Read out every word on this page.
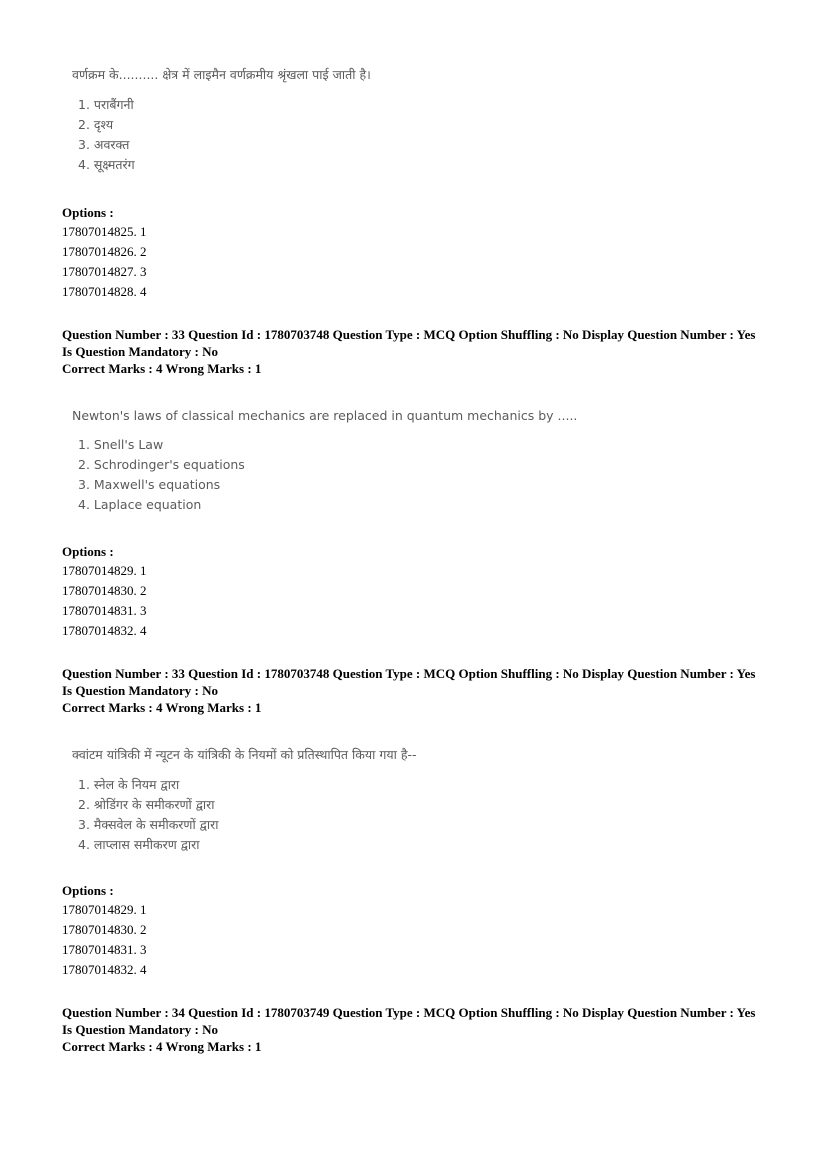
वर्णक्रम के.......... क्षेत्र में लाइमैन वर्णक्रमीय श्रृंखला पाई जाती है।
1. पराबैंगनी
2. दृश्य
3. अवरक्त
4. सूक्ष्मतरंग
Options :
17807014825. 1
17807014826. 2
17807014827. 3
17807014828. 4
Question Number : 33 Question Id : 1780703748 Question Type : MCQ Option Shuffling : No Display Question Number : Yes
Is Question Mandatory : No
Correct Marks : 4 Wrong Marks : 1
Newton's laws of classical mechanics are replaced in quantum mechanics by .....
1. Snell's Law
2. Schrodinger's equations
3. Maxwell's equations
4. Laplace equation
Options :
17807014829. 1
17807014830. 2
17807014831. 3
17807014832. 4
Question Number : 33 Question Id : 1780703748 Question Type : MCQ Option Shuffling : No Display Question Number : Yes
Is Question Mandatory : No
Correct Marks : 4 Wrong Marks : 1
क्वांटम यांत्रिकी में न्यूटन के यांत्रिकी के नियमों को प्रतिस्थापित किया गया है--
1. स्नेल के नियम द्वारा
2. श्रोडिंगर के समीकरणों द्वारा
3. मैक्सवेल के समीकरणों द्वारा
4. लाप्लास समीकरण द्वारा
Options :
17807014829. 1
17807014830. 2
17807014831. 3
17807014832. 4
Question Number : 34 Question Id : 1780703749 Question Type : MCQ Option Shuffling : No Display Question Number : Yes
Is Question Mandatory : No
Correct Marks : 4 Wrong Marks : 1
